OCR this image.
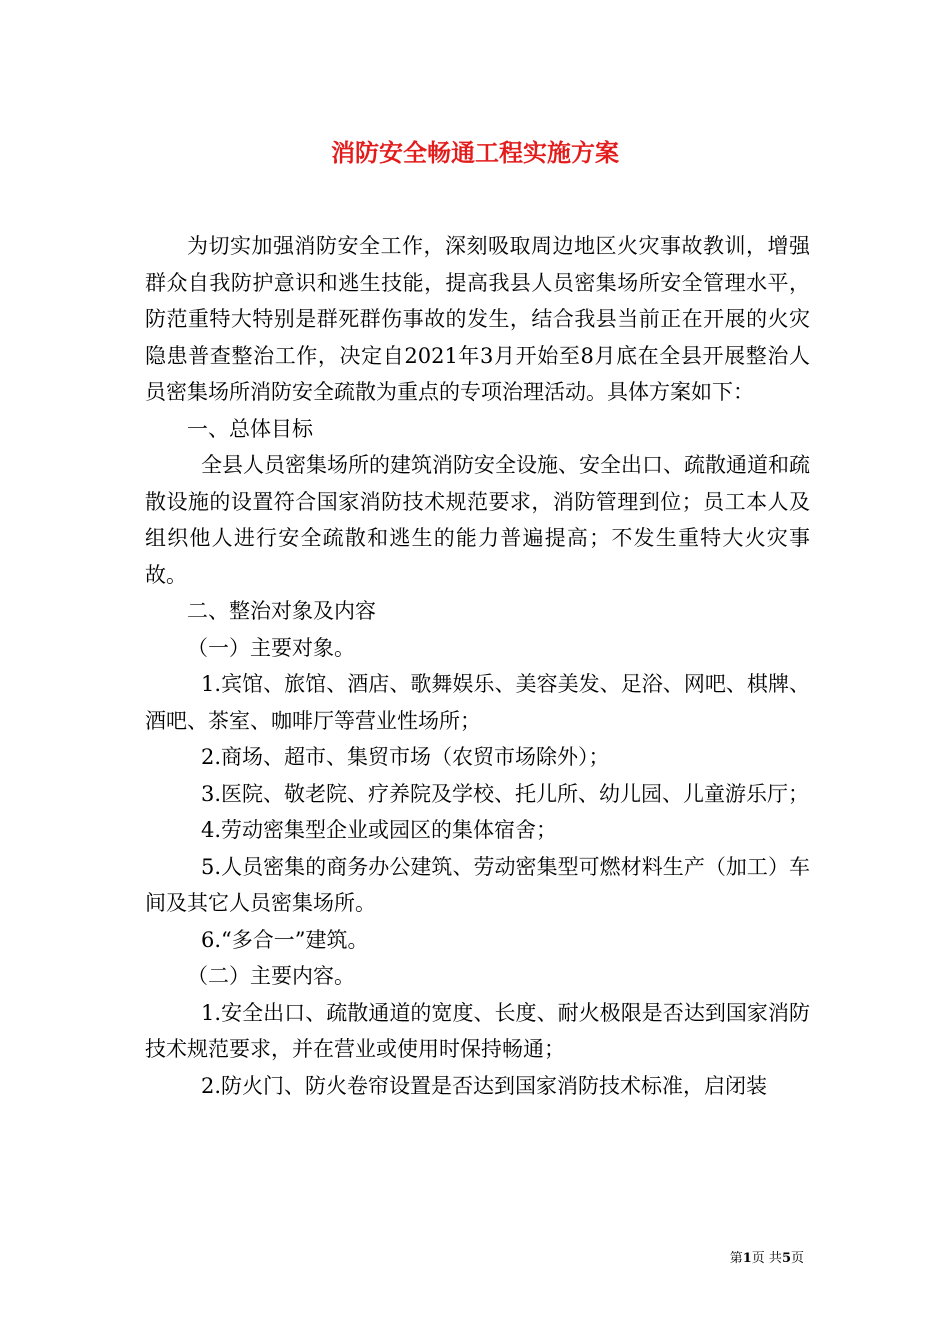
消防安全畅通工程实施方案

为切实加强消防安全工作，深刻吸取周边地区火灾事故教训，增强群众自我防护意识和逃生技能，提高我县人员密集场所安全管理水平，防范重特大特别是群死群伤事故的发生，结合我县当前正在开展的火灾隐患普查整治工作，决定自2021年3月开始至8月底在全县开展整治人员密集场所消防安全疏散为重点的专项治理活动。具体方案如下：

一、总体目标

全县人员密集场所的建筑消防安全设施、安全出口、疏散通道和疏散设施的设置符合国家消防技术规范要求，消防管理到位；员工本人及组织他人进行安全疏散和逃生的能力普遍提高；不发生重特大火灾事故。

二、整治对象及内容

（一）主要对象。

1.宾馆、旅馆、酒店、歌舞娱乐、美容美发、足浴、网吧、棋牌、酒吧、茶室、咖啡厅等营业性场所；

2.商场、超市、集贸市场（农贸市场除外）；

3.医院、敬老院、疗养院及学校、托儿所、幼儿园、儿童游乐厅；

4.劳动密集型企业或园区的集体宿舍；

5.人员密集的商务办公建筑、劳动密集型可燃材料生产（加工）车间及其它人员密集场所。

6.“多合一”建筑。

（二）主要内容。

1.安全出口、疏散通道的宽度、长度、耐火极限是否达到国家消防技术规范要求，并在营业或使用时保持畅通；

2.防火门、防火卷帘设置是否达到国家消防技术标准，启闭装

第1页 共5页
